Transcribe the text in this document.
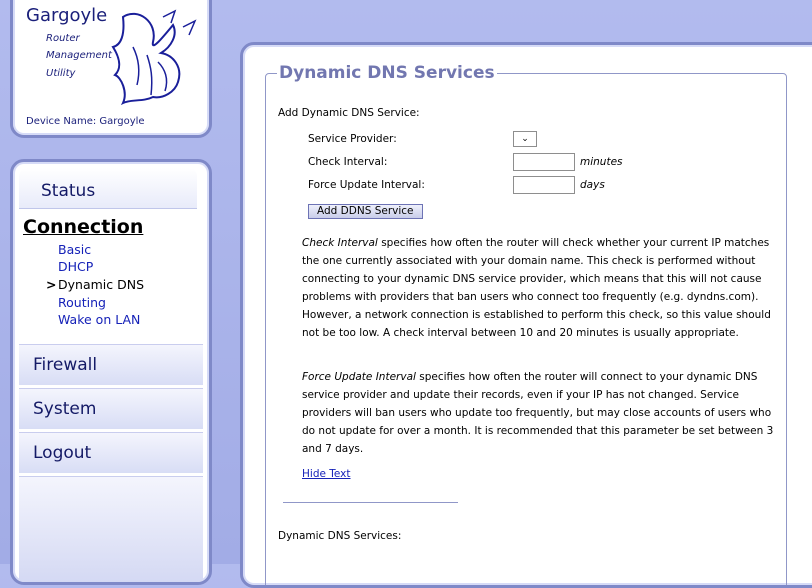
Gargoyle
Router
Management
Utility
Device Name: Gargoyle
Status
Connection
Basic
DHCP
> Dynamic DNS
Routing
Wake on LAN
Firewall
System
Logout
Dynamic DNS Services
Add Dynamic DNS Service:
Service Provider:	⌄
Check Interval:	minutes
Force Update Interval:	days
Add DDNS Service
Check Interval specifies how often the router will check whether your current IP matches the one currently associated with your domain name. This check is performed without connecting to your dynamic DNS service provider, which means that this will not cause problems with providers that ban users who connect too frequently (e.g. dyndns.com). However, a network connection is established to perform this check, so this value should not be too low. A check interval between 10 and 20 minutes is usually appropriate.
Force Update Interval specifies how often the router will connect to your dynamic DNS service provider and update their records, even if your IP has not changed. Service providers will ban users who update too frequently, but may close accounts of users who do not update for over a month. It is recommended that this parameter be set between 3 and 7 days.
Hide Text
Dynamic DNS Services:
